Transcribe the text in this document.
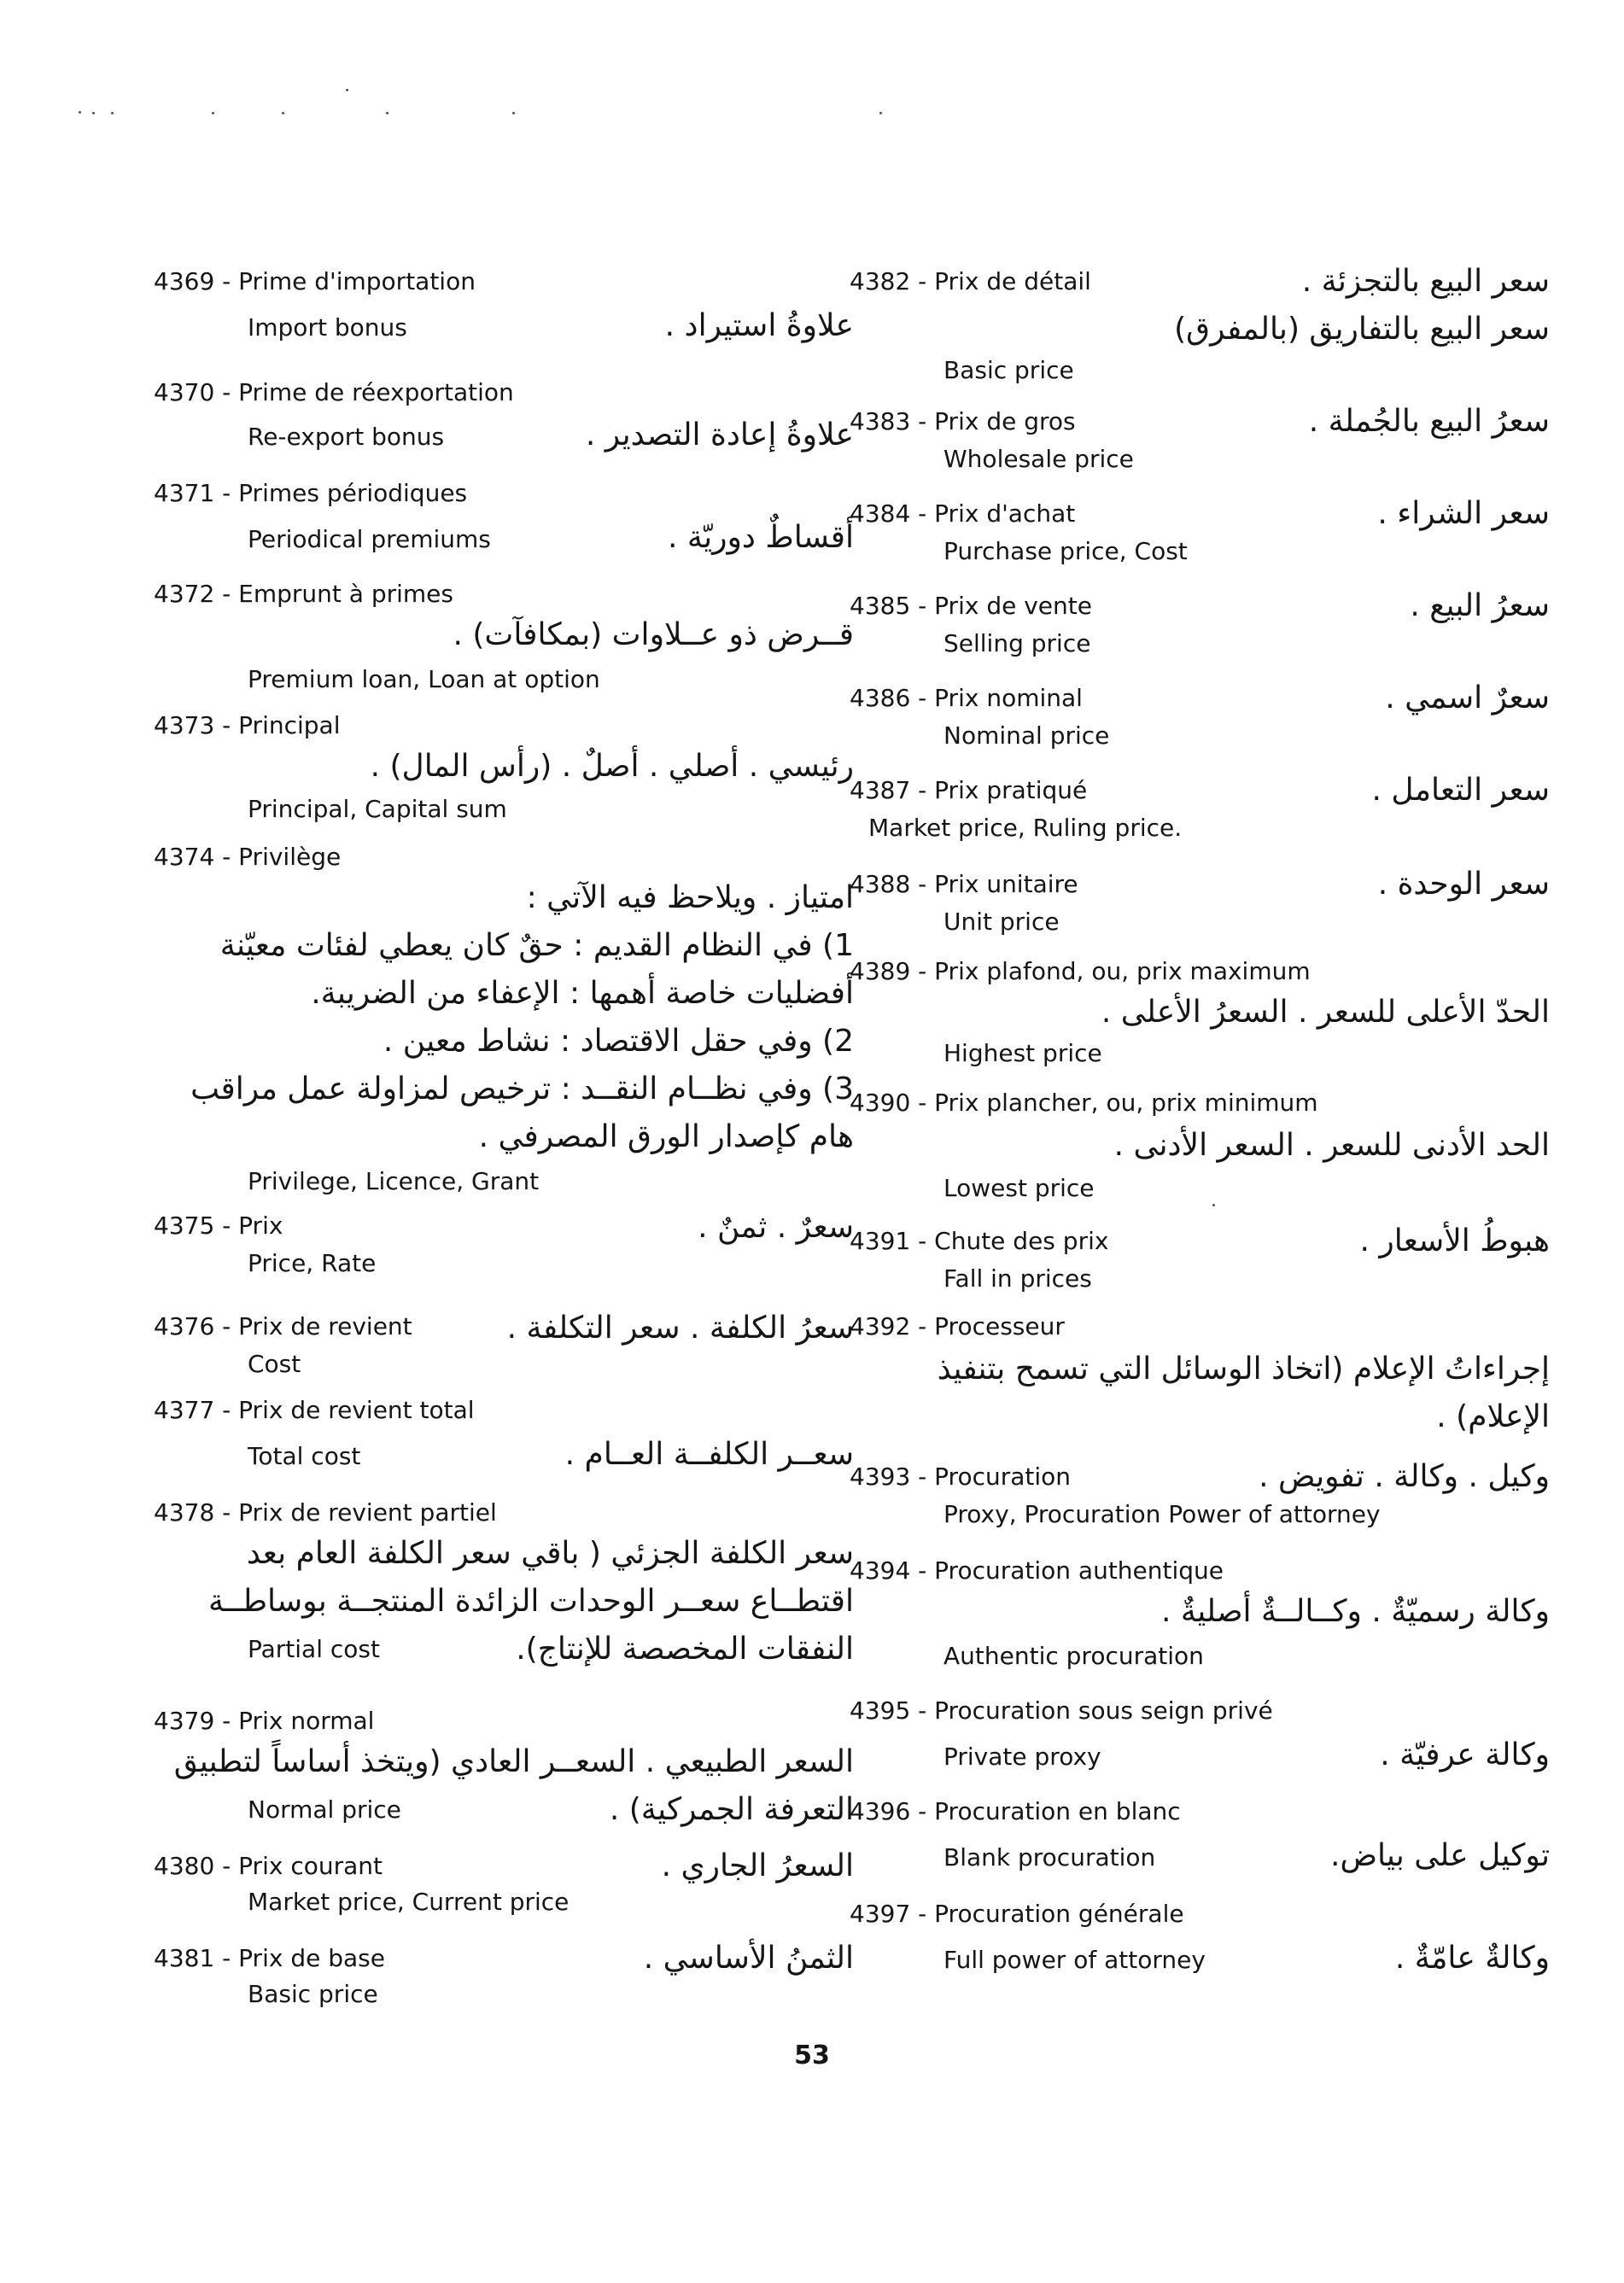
4369 - Prime d'importation
Import bonus	علاوةُ استيراد .
4370 - Prime de réexportation
Re-export bonus	علاوةُ إعادة التصدير .
4371 - Primes périodiques
Periodical premiums	أقساطٌ دوريّة .
4372 - Emprunt à primes
قــرض ذو عــلاوات (بمكافآت) .
Premium loan, Loan at option
4373 - Principal
رئيسي . أصلي . أصلٌ . (رأس المال) .
Principal, Capital sum
4374 - Privilège
امتياز . ويلاحظ فيه الآتي :
1) في النظام القديم : حقٌ كان يعطي لفئات معيّنة
أفضليات خاصة أهمها : الإعفاء من الضريبة.
2) وفي حقل الاقتصاد : نشاط معين .
3) وفي نظــام النقــد : ترخيص لمزاولة عمل مراقب
هام كإصدار الورق المصرفي .
Privilege, Licence, Grant
4375 - Prix
Price, Rate
سعرٌ . ثمنٌ .
4376 - Prix de revient
Cost
سعرُ الكلفة . سعر التكلفة .
4377 - Prix de revient total
Total cost	سعــر الكلفــة العــام .
4378 - Prix de revient partiel
سعر الكلفة الجزئي ( باقي سعر الكلفة العام بعد
اقتطــاع سعــر الوحدات الزائدة المنتجــة بوساطــة
النفقات المخصصة للإنتاج).
Partial cost
4379 - Prix normal
السعر الطبيعي . السعــر العادي (ويتخذ أساساً لتطبيق
التعرفة الجمركية) .
Normal price
4380 - Prix courant
Market price, Current price
السعرُ الجاري .
4381 - Prix de base
Basic price
الثمنُ الأساسي .
4382 - Prix de détail	سعر البيع بالتجزئة .
سعر البيع بالتفاريق (بالمفرق)
Basic price
4383 - Prix de gros
Wholesale price
سعرُ البيع بالجُملة .
4384 - Prix d'achat
Purchase price, Cost
سعر الشراء .
4385 - Prix de vente
Selling price
سعرُ البيع .
4386 - Prix nominal
Nominal price
سعرٌ اسمي .
4387 - Prix pratiqué
Market price, Ruling price.
سعر التعامل .
4388 - Prix unitaire
Unit price
سعر الوحدة .
4389 - Prix plafond, ou, prix maximum
الحدّ الأعلى للسعر . السعرُ الأعلى .
Highest price
4390 - Prix plancher, ou, prix minimum
الحد الأدنى للسعر . السعر الأدنى .
Lowest price
4391 - Chute des prix
Fall in prices
هبوطُ الأسعار .
4392 - Processeur
إجراءاتُ الإعلام (اتخاذ الوسائل التي تسمح بتنفيذ
الإعلام) .
4393 - Procuration
Proxy, Procuration Power of attorney
وكيل . وكالة . تفويض .
4394 - Procuration authentique
وكالة رسميّةٌ . وكــالــةٌ أصليةٌ .
Authentic procuration
4395 - Procuration sous seign privé
Private proxy	وكالة عرفيّة .
4396 - Procuration en blanc
Blank procuration	توكيل على بياض.
4397 - Procuration générale
Full power of attorney	وكالةٌ عامّةٌ .
53
